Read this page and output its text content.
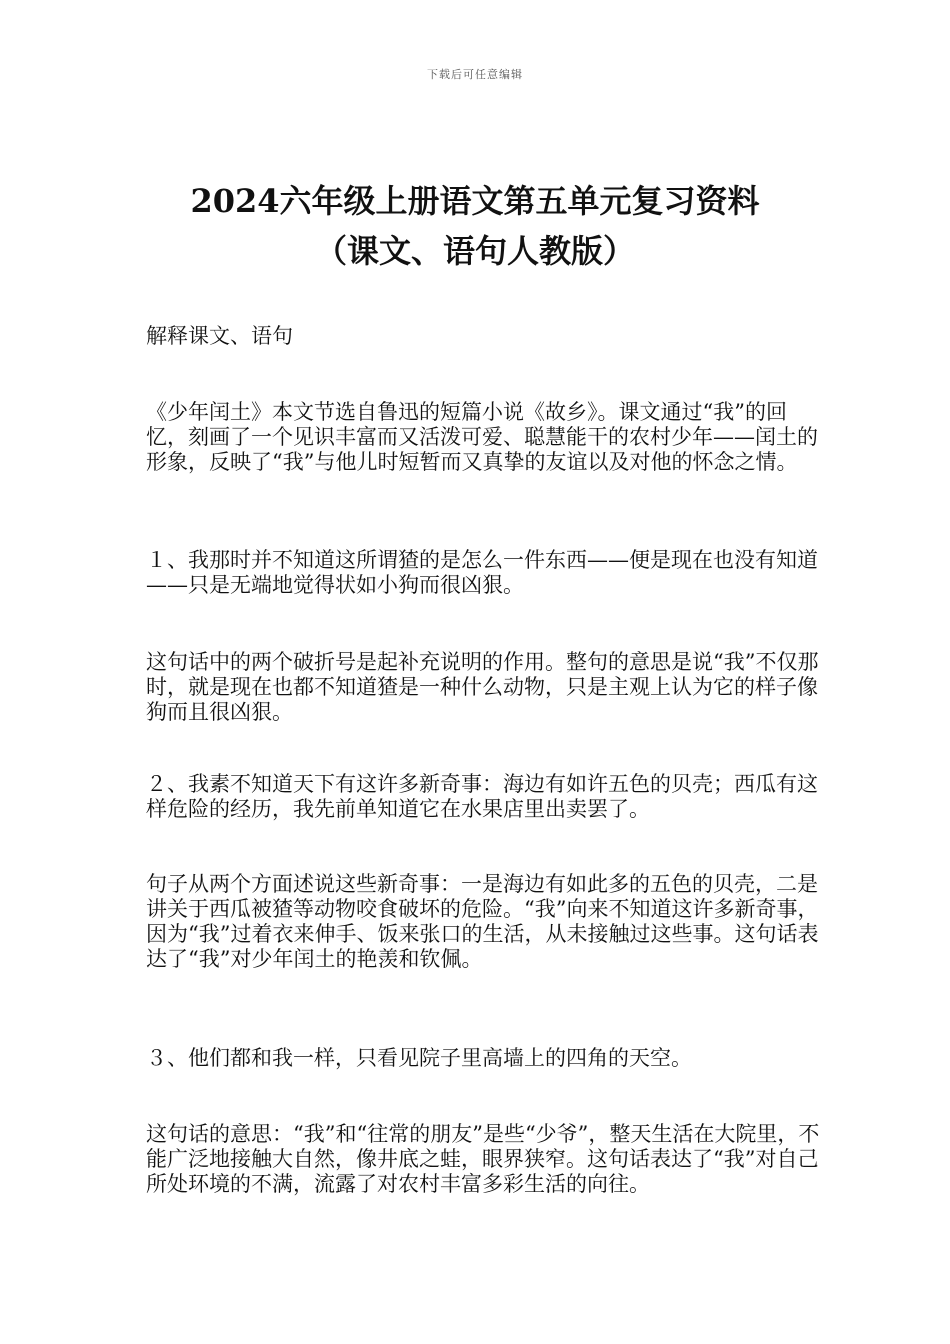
下载后可任意编辑
2024六年级上册语文第五单元复习资料
（课文、语句人教版）

解释课文、语句

《少年闰土》本文节选自鲁迅的短篇小说《故乡》。课文通过“我”的回忆，刻画了一个见识丰富而又活泼可爱、聪慧能干的农村少年——闰土的形象，反映了“我”与他儿时短暂而又真挚的友谊以及对他的怀念之情。

１、我那时并不知道这所谓猹的是怎么一件东西——便是现在也没有知道——只是无端地觉得状如小狗而很凶狠。

这句话中的两个破折号是起补充说明的作用。整句的意思是说“我”不仅那时，就是现在也都不知道猹是一种什么动物，只是主观上认为它的样子像狗而且很凶狠。

２、我素不知道天下有这许多新奇事：海边有如许五色的贝壳；西瓜有这样危险的经历，我先前单知道它在水果店里出卖罢了。

句子从两个方面述说这些新奇事：一是海边有如此多的五色的贝壳，二是讲关于西瓜被猹等动物咬食破坏的危险。“我”向来不知道这许多新奇事，因为“我”过着衣来伸手、饭来张口的生活，从未接触过这些事。这句话表达了“我”对少年闰土的艳羡和钦佩。

３、他们都和我一样，只看见院子里高墙上的四角的天空。

这句话的意思：“我”和“往常的朋友”是些“少爷”，整天生活在大院里，不能广泛地接触大自然，像井底之蛙，眼界狭窄。这句话表达了“我”对自己所处环境的不满，流露了对农村丰富多彩生活的向往。
